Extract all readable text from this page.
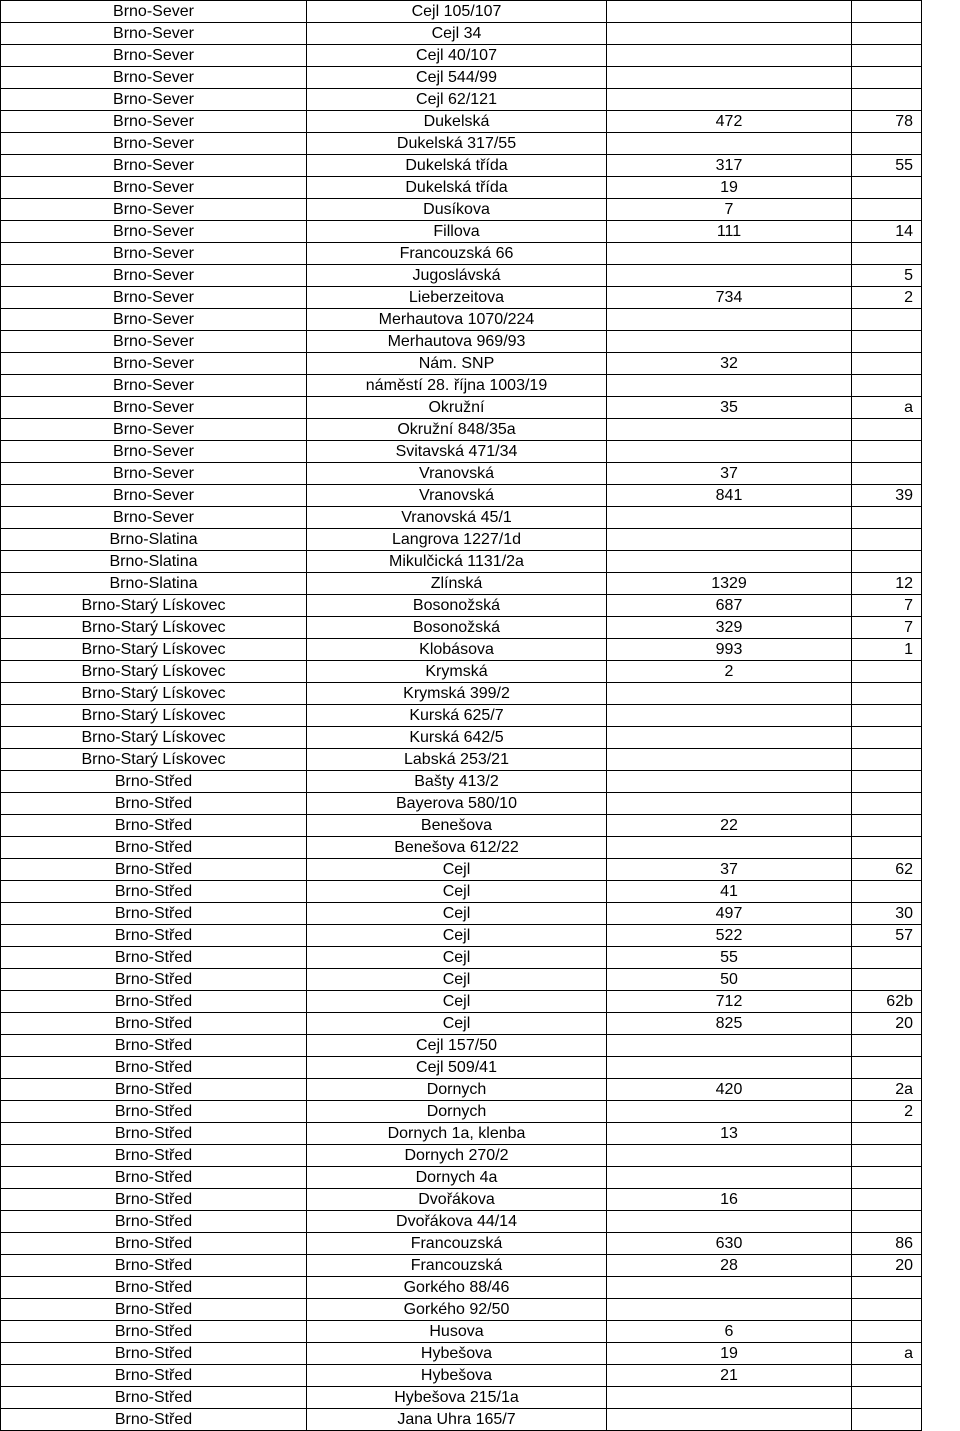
Brno-Sever	Cejl 105/107		
Brno-Sever	Cejl 34		
Brno-Sever	Cejl 40/107		
Brno-Sever	Cejl 544/99		
Brno-Sever	Cejl 62/121		
Brno-Sever	Dukelská	472	78
Brno-Sever	Dukelská 317/55		
Brno-Sever	Dukelská třída	317	55
Brno-Sever	Dukelská třída	19	
Brno-Sever	Dusíkova	7	
Brno-Sever	Fillova	111	14
Brno-Sever	Francouzská 66		
Brno-Sever	Jugoslávská		5
Brno-Sever	Lieberzeitova	734	2
Brno-Sever	Merhautova 1070/224		
Brno-Sever	Merhautova 969/93		
Brno-Sever	Nám. SNP	32	
Brno-Sever	náměstí 28. října 1003/19		
Brno-Sever	Okružní	35	a
Brno-Sever	Okružní 848/35a		
Brno-Sever	Svitavská 471/34		
Brno-Sever	Vranovská	37	
Brno-Sever	Vranovská	841	39
Brno-Sever	Vranovská 45/1		
Brno-Slatina	Langrova 1227/1d		
Brno-Slatina	Mikulčická 1131/2a		
Brno-Slatina	Zlínská	1329	12
Brno-Starý Lískovec	Bosonožská	687	7
Brno-Starý Lískovec	Bosonožská	329	7
Brno-Starý Lískovec	Klobásova	993	1
Brno-Starý Lískovec	Krymská	2	
Brno-Starý Lískovec	Krymská 399/2		
Brno-Starý Lískovec	Kurská 625/7		
Brno-Starý Lískovec	Kurská 642/5		
Brno-Starý Lískovec	Labská 253/21		
Brno-Střed	Bašty 413/2		
Brno-Střed	Bayerova 580/10		
Brno-Střed	Benešova	22	
Brno-Střed	Benešova 612/22		
Brno-Střed	Cejl	37	62
Brno-Střed	Cejl	41	
Brno-Střed	Cejl	497	30
Brno-Střed	Cejl	522	57
Brno-Střed	Cejl	55	
Brno-Střed	Cejl	50	
Brno-Střed	Cejl	712	62b
Brno-Střed	Cejl	825	20
Brno-Střed	Cejl 157/50		
Brno-Střed	Cejl 509/41		
Brno-Střed	Dornych	420	2a
Brno-Střed	Dornych		2
Brno-Střed	Dornych 1a, klenba	13	
Brno-Střed	Dornych 270/2		
Brno-Střed	Dornych 4a		
Brno-Střed	Dvořákova	16	
Brno-Střed	Dvořákova 44/14		
Brno-Střed	Francouzská	630	86
Brno-Střed	Francouzská	28	20
Brno-Střed	Gorkého 88/46		
Brno-Střed	Gorkého 92/50		
Brno-Střed	Husova	6	
Brno-Střed	Hybešova	19	a
Brno-Střed	Hybešova	21	
Brno-Střed	Hybešova 215/1a		
Brno-Střed	Jana Uhra 165/7		
